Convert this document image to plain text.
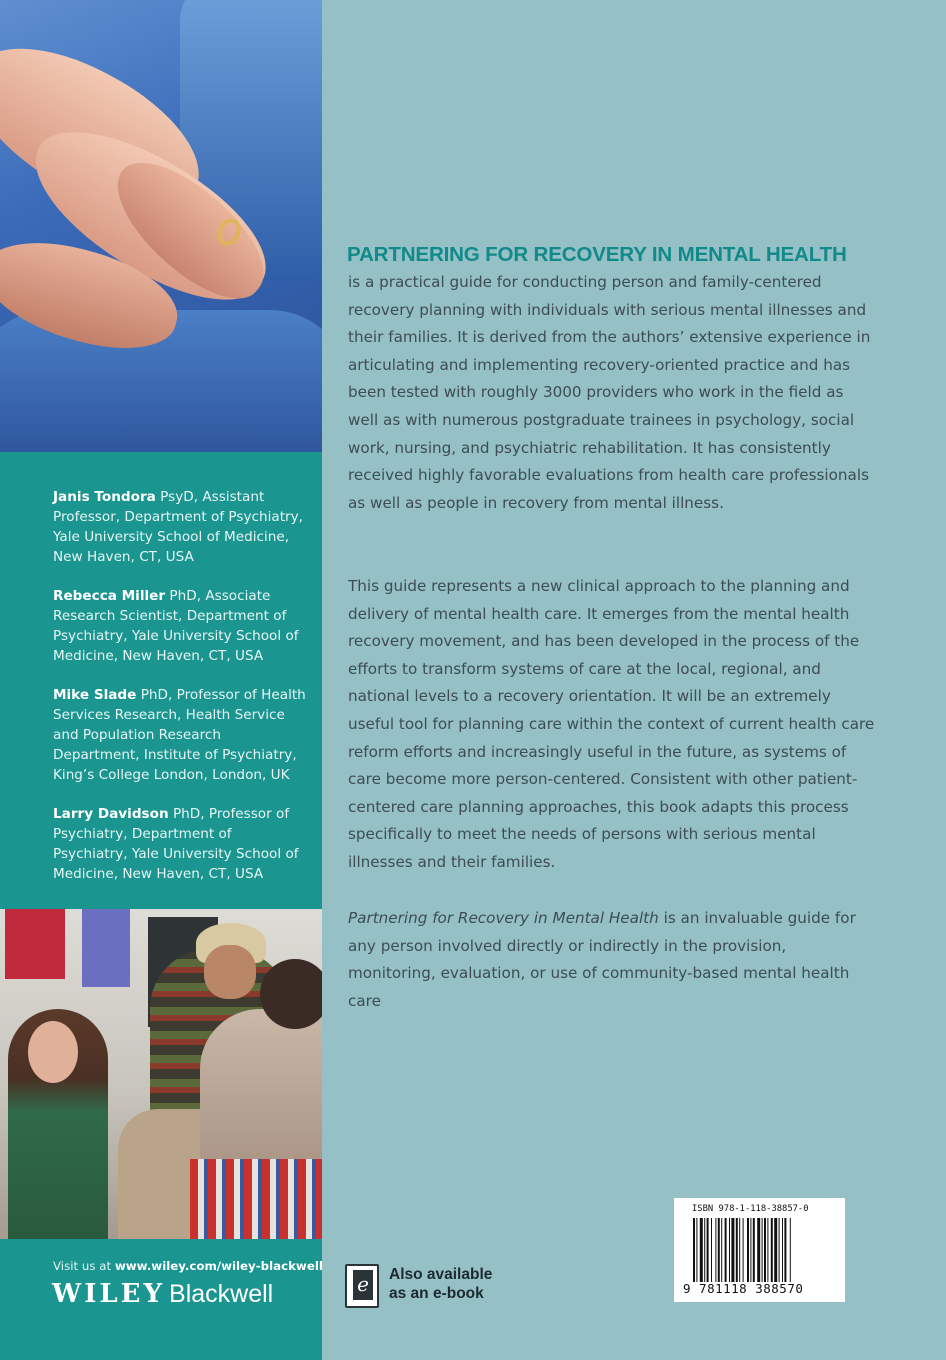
Janis Tondora PsyD, Assistant Professor, Department of Psychiatry, Yale University School of Medicine, New Haven, CT, USA

Rebecca Miller PhD, Associate Research Scientist, Department of Psychiatry, Yale University School of Medicine, New Haven, CT, USA

Mike Slade PhD, Professor of Health Services Research, Health Service and Population Research Department, Institute of Psychiatry, King’s College London, London, UK

Larry Davidson PhD, Professor of Psychiatry, Department of Psychiatry, Yale University School of Medicine, New Haven, CT, USA

Visit us at www.wiley.com/wiley-blackwell
WILEY Blackwell
PARTNERING FOR RECOVERY IN MENTAL HEALTH

is a practical guide for conducting person and family-centered recovery planning with individuals with serious mental illnesses and their families. It is derived from the authors’ extensive experience in articulating and implementing recovery-oriented practice and has been tested with roughly 3000 providers who work in the field as well as with numerous postgraduate trainees in psychology, social work, nursing, and psychiatric rehabilitation. It has consistently received highly favorable evaluations from health care professionals as well as people in recovery from mental illness.

This guide represents a new clinical approach to the planning and delivery of mental health care. It emerges from the mental health recovery movement, and has been developed in the process of the efforts to transform systems of care at the local, regional, and national levels to a recovery orientation. It will be an extremely useful tool for planning care within the context of current health care reform efforts and increasingly useful in the future, as systems of care become more person-centered. Consistent with other patient-centered care planning approaches, this book adapts this process specifically to meet the needs of persons with serious mental illnesses and their families.

Partnering for Recovery in Mental Health is an invaluable guide for any person involved directly or indirectly in the provision, monitoring, evaluation, or use of community-based mental health care

e Also available
as an e-book
ISBN 978-1-118-38857-0
9 781118 388570
